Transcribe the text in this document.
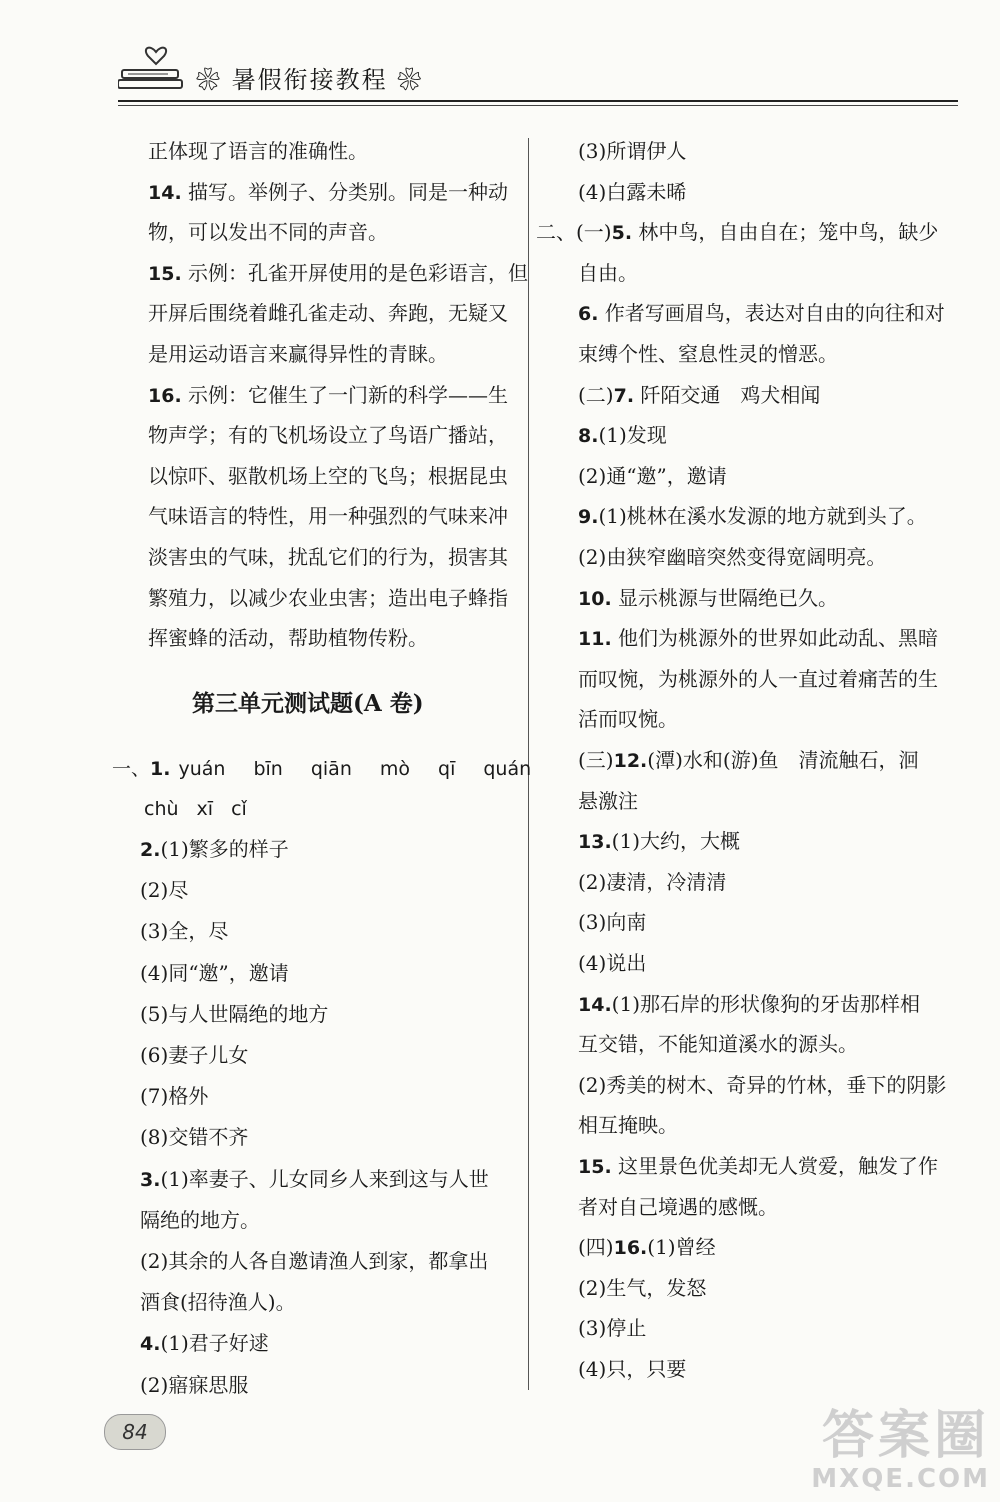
❀ 暑假衔接教程 ❀
正体现了语言的准确性。
14. 描写。举例子、分类别。同是一种动
物，可以发出不同的声音。
15. 示例：孔雀开屏使用的是色彩语言，但
开屏后围绕着雌孔雀走动、奔跑，无疑又
是用运动语言来赢得异性的青睐。
16. 示例：它催生了一门新的科学——生
物声学；有的飞机场设立了鸟语广播站，
以惊吓、驱散机场上空的飞鸟；根据昆虫
气味语言的特性，用一种强烈的气味来冲
淡害虫的气味，扰乱它们的行为，损害其
繁殖力，以减少农业虫害；造出电子蜂指
挥蜜蜂的活动，帮助植物传粉。
第三单元测试题(A 卷)
一、1. yuán bīn qiān mò qī quán
chù xī cǐ
2.(1)繁多的样子
(2)尽
(3)全，尽
(4)同“邀”，邀请
(5)与人世隔绝的地方
(6)妻子儿女
(7)格外
(8)交错不齐
3.(1)率妻子、儿女同乡人来到这与人世
隔绝的地方。
(2)其余的人各自邀请渔人到家，都拿出
酒食(招待渔人)。
4.(1)君子好逑
(2)寤寐思服
(3)所谓伊人
(4)白露未晞
二、(一)5. 林中鸟，自由自在；笼中鸟，缺少
自由。
6. 作者写画眉鸟，表达对自由的向往和对
束缚个性、窒息性灵的憎恶。
(二)7. 阡陌交通　鸡犬相闻
8.(1)发现
(2)通“邀”，邀请
9.(1)桃林在溪水发源的地方就到头了。
(2)由狭窄幽暗突然变得宽阔明亮。
10. 显示桃源与世隔绝已久。
11. 他们为桃源外的世界如此动乱、黑暗
而叹惋，为桃源外的人一直过着痛苦的生
活而叹惋。
(三)12.(潭)水和(游)鱼　清流触石，洄
悬激注
13.(1)大约，大概
(2)凄清，冷清清
(3)向南
(4)说出
14.(1)那石岸的形状像狗的牙齿那样相
互交错，不能知道溪水的源头。
(2)秀美的树木、奇异的竹林，垂下的阴影
相互掩映。
15. 这里景色优美却无人赏爱，触发了作
者对自己境遇的感慨。
(四)16.(1)曾经
(2)生气，发怒
(3)停止
(4)只，只要
84	答案圈
MXQE.COM
